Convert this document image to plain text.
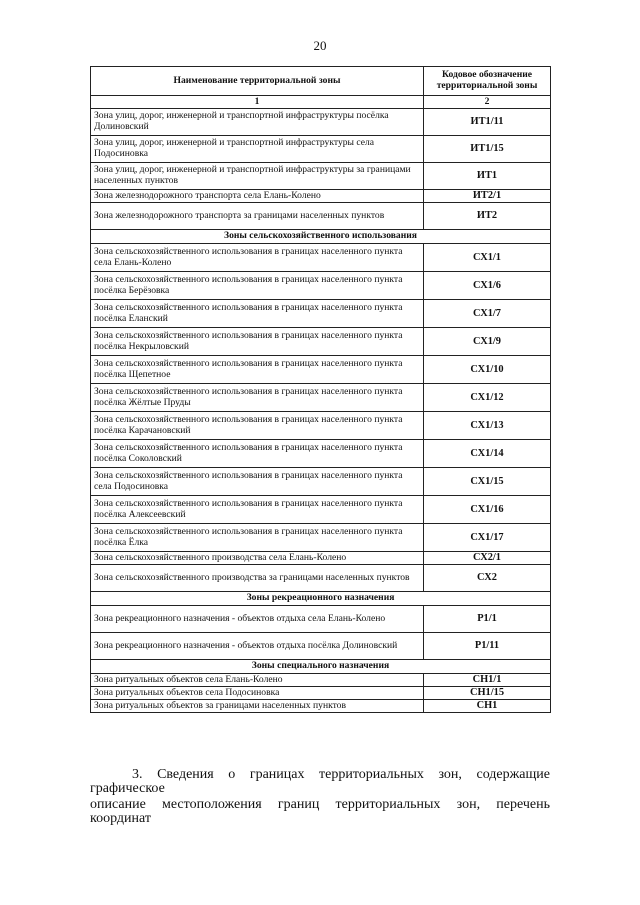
20
Наименование территориальной зоны	Кодовое обозначение территориальной зоны
1	2
Зона улиц, дорог, инженерной и транспортной инфраструктуры посёлка Долиновский	ИТ1/11
Зона улиц, дорог, инженерной и транспортной инфраструктуры села Подосиновка	ИТ1/15
Зона улиц, дорог, инженерной и транспортной инфраструктуры за границами населенных пунктов	ИТ1
Зона железнодорожного транспорта села Елань-Колено	ИТ2/1
Зона железнодорожного транспорта за границами населенных пунктов	ИТ2
Зоны сельскохозяйственного использования	
Зона сельскохозяйственного использования в границах населенного пункта села Елань-Колено	СХ1/1
Зона сельскохозяйственного использования в границах населенного пункта посёлка Берёзовка	СХ1/6
Зона сельскохозяйственного использования в границах населенного пункта посёлка Еланский	СХ1/7
Зона сельскохозяйственного использования в границах населенного пункта посёлка Некрыловский	СХ1/9
Зона сельскохозяйственного использования в границах населенного пункта посёлка Щепетное	СХ1/10
Зона сельскохозяйственного использования в границах населенного пункта посёлка Жёлтые Пруды	СХ1/12
Зона сельскохозяйственного использования в границах населенного пункта посёлка Карачановский	СХ1/13
Зона сельскохозяйственного использования в границах населенного пункта посёлка Соколовский	СХ1/14
Зона сельскохозяйственного использования в границах населенного пункта села Подосиновка	СХ1/15
Зона сельскохозяйственного использования в границах населенного пункта посёлка Алексеевский	СХ1/16
Зона сельскохозяйственного использования в границах населенного пункта посёлка Ёлка	СХ1/17
Зона сельскохозяйственного производства села Елань-Колено	СХ2/1
Зона сельскохозяйственного производства за границами населенных пунктов	СХ2
Зоны рекреационного назначения	
Зона рекреационного назначения - объектов отдыха села Елань-Колено	Р1/1
Зона рекреационного назначения - объектов отдыха посёлка Долиновский	Р1/11
Зоны специального назначения	
Зона ритуальных объектов села Елань-Колено	СН1/1
Зона ритуальных объектов села Подосиновка	СН1/15
Зона ритуальных объектов за границами населенных пунктов	СН1
3. Сведения о границах территориальных зон, содержащие графическое
описание местоположения границ территориальных зон, перечень координат
